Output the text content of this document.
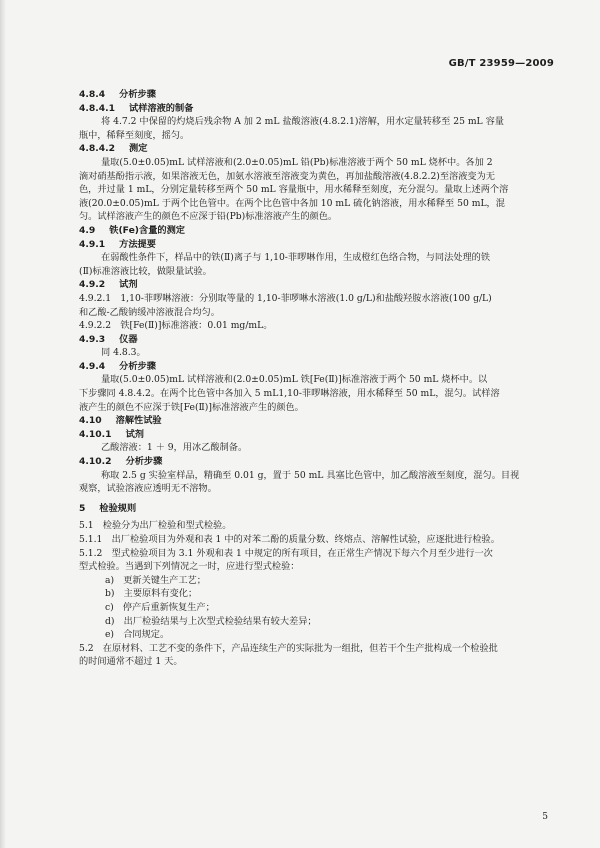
GB/T 23959—2009
4.8.4 分析步骤
4.8.4.1 试样溶液的制备
将 4.7.2 中保留的灼烧后残余物 A 加 2 mL 盐酸溶液(4.8.2.1)溶解，用水定量转移至 25 mL 容量
瓶中，稀释至刻度，摇匀。
4.8.4.2 测定
量取(5.0±0.05)mL 试样溶液和(2.0±0.05)mL 铅(Pb)标准溶液于两个 50 mL 烧杯中。各加 2
滴对硝基酚指示液，如果溶液无色，加氨水溶液至溶液变为黄色，再加盐酸溶液(4.8.2.2)至溶液变为无
色，并过量 1 mL，分别定量转移至两个 50 mL 容量瓶中，用水稀释至刻度，充分混匀。量取上述两个溶
液(20.0±0.05)mL 于两个比色管中。在两个比色管中各加 10 mL 硫化钠溶液，用水稀释至 50 mL，混
匀。试样溶液产生的颜色不应深于铅(Pb)标准溶液产生的颜色。
4.9 铁(Fe)含量的测定
4.9.1 方法提要
在弱酸性条件下，样品中的铁(Ⅱ)离子与 1,10-菲啰啉作用，生成橙红色络合物，与同法处理的铁
(Ⅱ)标准溶液比较，做限量试验。
4.9.2 试剂
4.9.2.1　1,10-菲啰啉溶液：分别取等量的 1,10-菲啰啉水溶液(1.0 g/L)和盐酸羟胺水溶液(100 g/L)
和乙酸-乙酸钠缓冲溶液混合均匀。
4.9.2.2　铁[Fe(Ⅱ)]标准溶液：0.01 mg/mL。
4.9.3 仪器
同 4.8.3。
4.9.4 分析步骤
量取(5.0±0.05)mL 试样溶液和(2.0±0.05)mL 铁[Fe(Ⅱ)]标准溶液于两个 50 mL 烧杯中。以
下步骤同 4.8.4.2。在两个比色管中各加入 5 mL1,10-菲啰啉溶液，用水稀释至 50 mL，混匀。试样溶
液产生的颜色不应深于铁[Fe(Ⅱ)]标准溶液产生的颜色。
4.10 溶解性试验
4.10.1 试剂
乙酸溶液：1 ＋ 9，用冰乙酸制备。
4.10.2 分析步骤
称取 2.5 g 实验室样品，精确至 0.01 g，置于 50 mL 具塞比色管中，加乙酸溶液至刻度，混匀。目视
观察，试验溶液应透明无不溶物。
5 检验规则
5.1　检验分为出厂检验和型式检验。
5.1.1　出厂检验项目为外观和表 1 中的对苯二酚的质量分数、终熔点、溶解性试验，应逐批进行检验。
5.1.2　型式检验项目为 3.1 外观和表 1 中规定的所有项目，在正常生产情况下每六个月至少进行一次
型式检验。当遇到下列情况之一时，应进行型式检验：
a)　更新关键生产工艺；
b)　主要原料有变化；
c)　停产后重新恢复生产；
d)　出厂检验结果与上次型式检验结果有较大差异；
e)　合同规定。
5.2　在原材料、工艺不变的条件下，产品连续生产的实际批为一组批，但若干个生产批构成一个检验批
的时间通常不超过 1 天。
5
